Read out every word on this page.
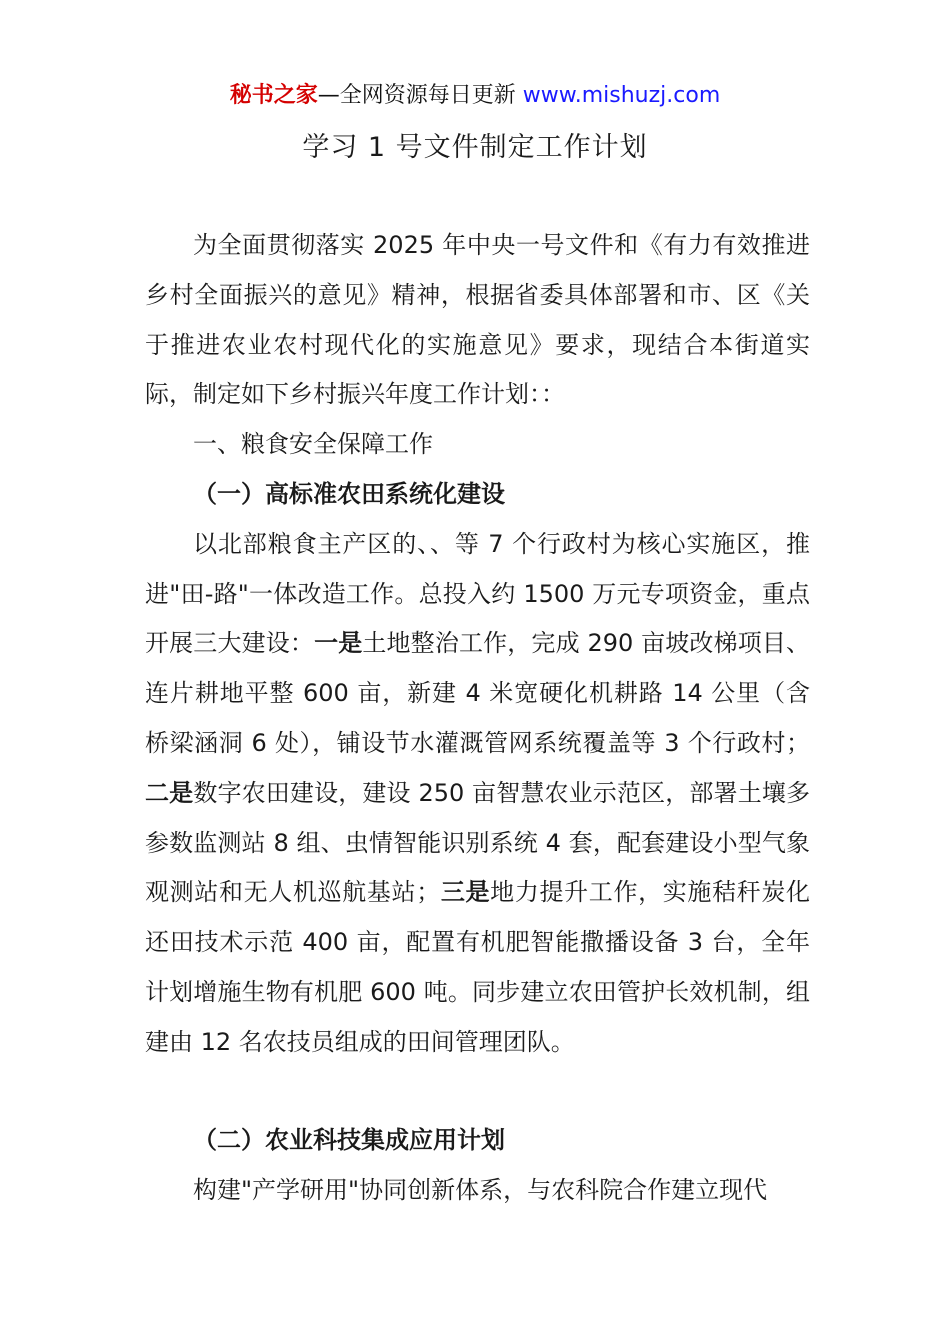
秘书之家—全网资源每日更新 www.mishuzj.com
学习 1 号文件制定工作计划

为全面贯彻落实 2025 年中央一号文件和《有力有效推进乡村全面振兴的意见》精神，根据省委具体部署和市、区《关于推进农业农村现代化的实施意见》要求，现结合本街道实际，制定如下乡村振兴年度工作计划：：

一、粮食安全保障工作

（一）高标准农田系统化建设

以北部粮食主产区的、、等 7 个行政村为核心实施区，推进"田-路"一体改造工作。总投入约 1500 万元专项资金，重点开展三大建设：一是土地整治工作，完成 290 亩坡改梯项目、连片耕地平整 600 亩，新建 4 米宽硬化机耕路 14 公里（含桥梁涵洞 6 处），铺设节水灌溉管网系统覆盖等 3 个行政村；二是数字农田建设，建设 250 亩智慧农业示范区，部署土壤多参数监测站 8 组、虫情智能识别系统 4 套，配套建设小型气象观测站和无人机巡航基站；三是地力提升工作，实施秸秆炭化还田技术示范 400 亩，配置有机肥智能撒播设备 3 台，全年计划增施生物有机肥 600 吨。同步建立农田管护长效机制，组建由 12 名农技员组成的田间管理团队。

（二）农业科技集成应用计划

构建"产学研用"协同创新体系，与农科院合作建立现代
